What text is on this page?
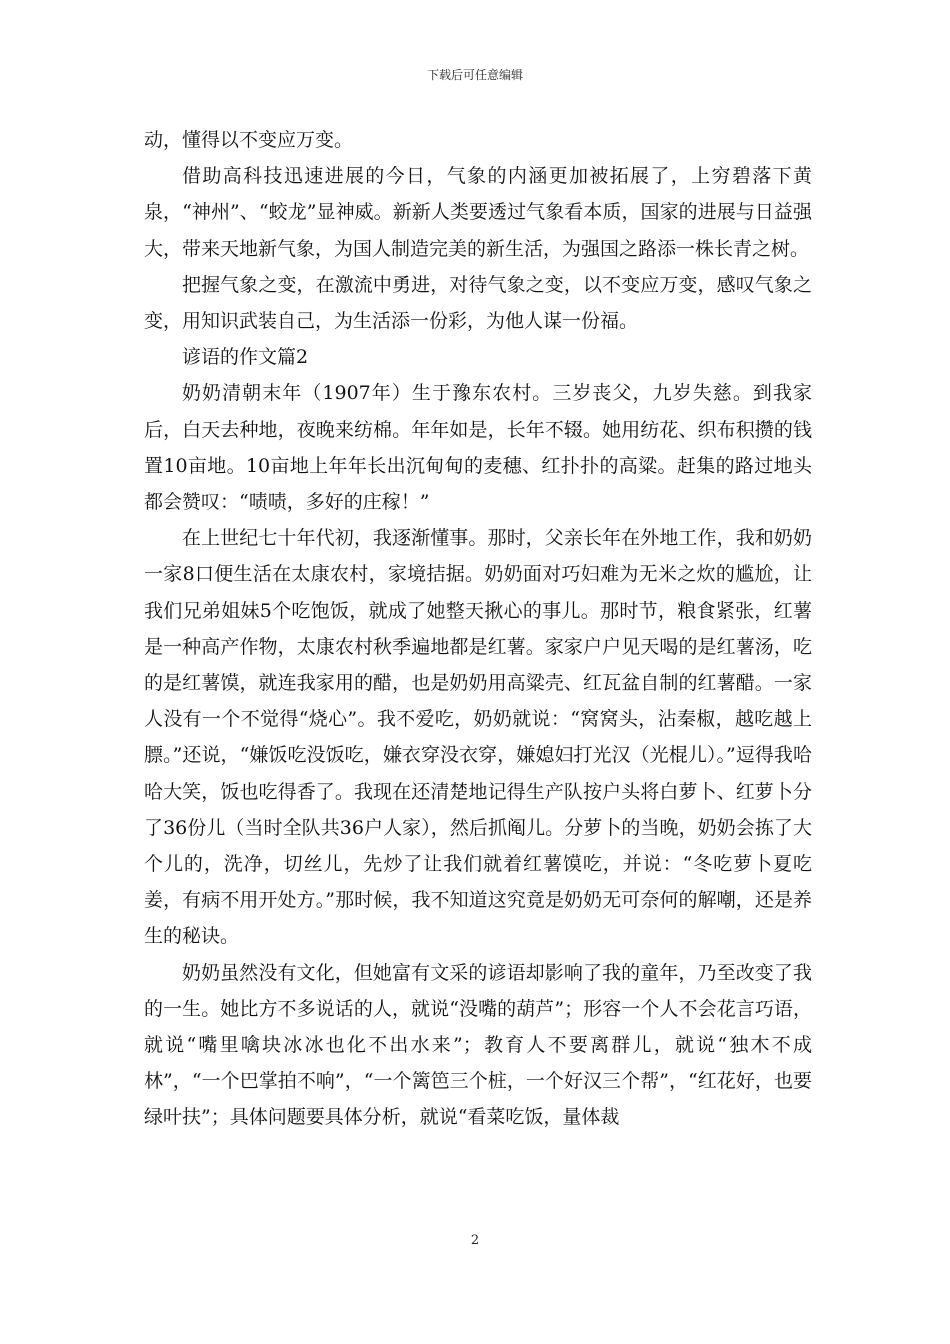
下载后可任意编辑

动，懂得以不变应万变。

借助高科技迅速进展的今日，气象的内涵更加被拓展了，上穷碧落下黄泉，“神州”、“蛟龙”显神威。新新人类要透过气象看本质，国家的进展与日益强大，带来天地新气象，为国人制造完美的新生活，为强国之路添一株长青之树。

把握气象之变，在激流中勇进，对待气象之变，以不变应万变，感叹气象之变，用知识武装自己，为生活添一份彩，为他人谋一份福。

谚语的作文篇2

奶奶清朝末年（1907年）生于豫东农村。三岁丧父，九岁失慈。到我家后，白天去种地，夜晚来纺棉。年年如是，长年不辍。她用纺花、织布积攒的钱置10亩地。10亩地上年年长出沉甸甸的麦穗、红扑扑的高粱。赶集的路过地头都会赞叹：“啧啧，多好的庄稼！”

在上世纪七十年代初，我逐渐懂事。那时，父亲长年在外地工作，我和奶奶一家8口便生活在太康农村，家境拮据。奶奶面对巧妇难为无米之炊的尴尬，让我们兄弟姐妹5个吃饱饭，就成了她整天揪心的事儿。那时节，粮食紧张，红薯是一种高产作物，太康农村秋季遍地都是红薯。家家户户见天喝的是红薯汤，吃的是红薯馍，就连我家用的醋，也是奶奶用高粱壳、红瓦盆自制的红薯醋。一家人没有一个不觉得“烧心”。我不爱吃，奶奶就说：“窝窝头，沾秦椒，越吃越上膘。”还说，“嫌饭吃没饭吃，嫌衣穿没衣穿，嫌媳妇打光汉（光棍儿）。”逗得我哈哈大笑，饭也吃得香了。我现在还清楚地记得生产队按户头将白萝卜、红萝卜分了36份儿（当时全队共36户人家），然后抓阄儿。分萝卜的当晚，奶奶会拣了大个儿的，洗净，切丝儿，先炒了让我们就着红薯馍吃，并说：“冬吃萝卜夏吃姜，有病不用开处方。”那时候，我不知道这究竟是奶奶无可奈何的解嘲，还是养生的秘诀。

奶奶虽然没有文化，但她富有文采的谚语却影响了我的童年，乃至改变了我的一生。她比方不多说话的人，就说“没嘴的葫芦”；形容一个人不会花言巧语，就说“嘴里噙块冰冰也化不出水来”；教育人不要离群儿，就说“独木不成林”，“一个巴掌拍不响”，“一个篱笆三个桩，一个好汉三个帮”，“红花好，也要绿叶扶”；具体问题要具体分析，就说“看菜吃饭，量体裁

2
